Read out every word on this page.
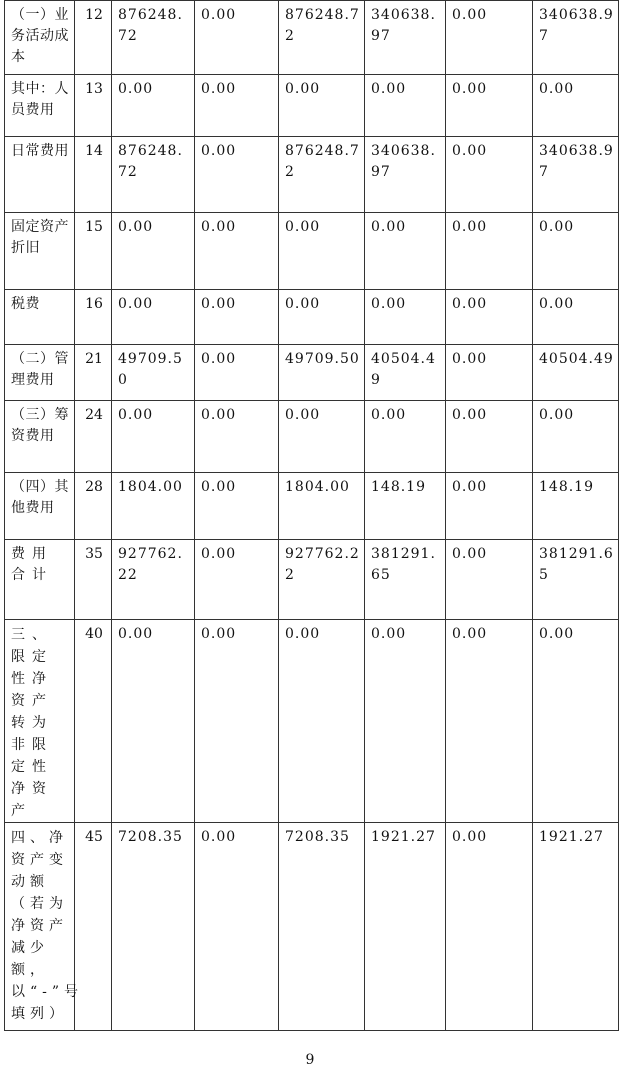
（一）业务活动成本	12	876248.72	0.00	876248.72	340638.97	0.00	340638.97
其中：人员费用	13	0.00	0.00	0.00	0.00	0.00	0.00
日常费用	14	876248.72	0.00	876248.72	340638.97	0.00	340638.97
固定资产折旧	15	0.00	0.00	0.00	0.00	0.00	0.00
税费	16	0.00	0.00	0.00	0.00	0.00	0.00
（二）管理费用	21	49709.50	0.00	49709.50	40504.49	0.00	40504.49
（三）筹资费用	24	0.00	0.00	0.00	0.00	0.00	0.00
（四）其他费用	28	1804.00	0.00	1804.00	148.19	0.00	148.19
费用合计	35	927762.22	0.00	927762.22	381291.65	0.00	381291.65
三、限定性净资产转为非限定性净资产	40	0.00	0.00	0.00	0.00	0.00	0.00
四、净资产变动额（若为净资产减少额，以“-”号填列）	45	7208.35	0.00	7208.35	1921.27	0.00	1921.27
9
